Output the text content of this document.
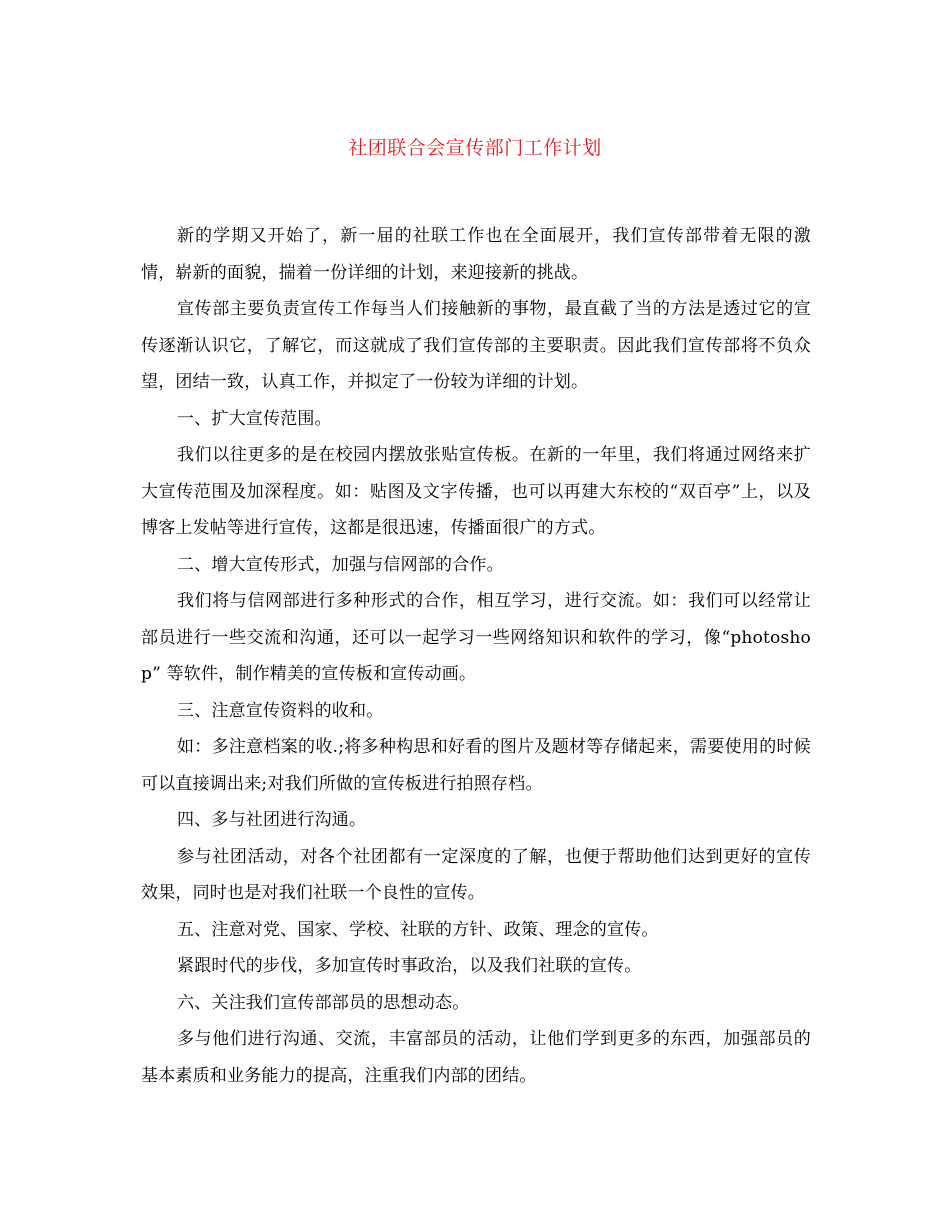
社团联合会宣传部门工作计划

新的学期又开始了，新一届的社联工作也在全面展开，我们宣传部带着无限的激情，崭新的面貌，揣着一份详细的计划，来迎接新的挑战。

宣传部主要负责宣传工作每当人们接触新的事物，最直截了当的方法是透过它的宣传逐渐认识它，了解它，而这就成了我们宣传部的主要职责。因此我们宣传部将不负众望，团结一致，认真工作，并拟定了一份较为详细的计划。

一、扩大宣传范围。

我们以往更多的是在校园内摆放张贴宣传板。在新的一年里，我们将通过网络来扩大宣传范围及加深程度。如：贴图及文字传播，也可以再建大东校的“双百亭”上，以及博客上发帖等进行宣传，这都是很迅速，传播面很广的方式。

二、增大宣传形式，加强与信网部的合作。

我们将与信网部进行多种形式的合作，相互学习，进行交流。如：我们可以经常让部员进行一些交流和沟通，还可以一起学习一些网络知识和软件的学习，像“photoshop” 等软件，制作精美的宣传板和宣传动画。

三、注意宣传资料的收和。

如：多注意档案的收.;将多种构思和好看的图片及题材等存储起来，需要使用的时候可以直接调出来;对我们所做的宣传板进行拍照存档。

四、多与社团进行沟通。

参与社团活动，对各个社团都有一定深度的了解，也便于帮助他们达到更好的宣传效果，同时也是对我们社联一个良性的宣传。

五、注意对党、国家、学校、社联的方针、政策、理念的宣传。

紧跟时代的步伐，多加宣传时事政治，以及我们社联的宣传。

六、关注我们宣传部部员的思想动态。

多与他们进行沟通、交流，丰富部员的活动，让他们学到更多的东西，加强部员的基本素质和业务能力的提高，注重我们内部的团结。
